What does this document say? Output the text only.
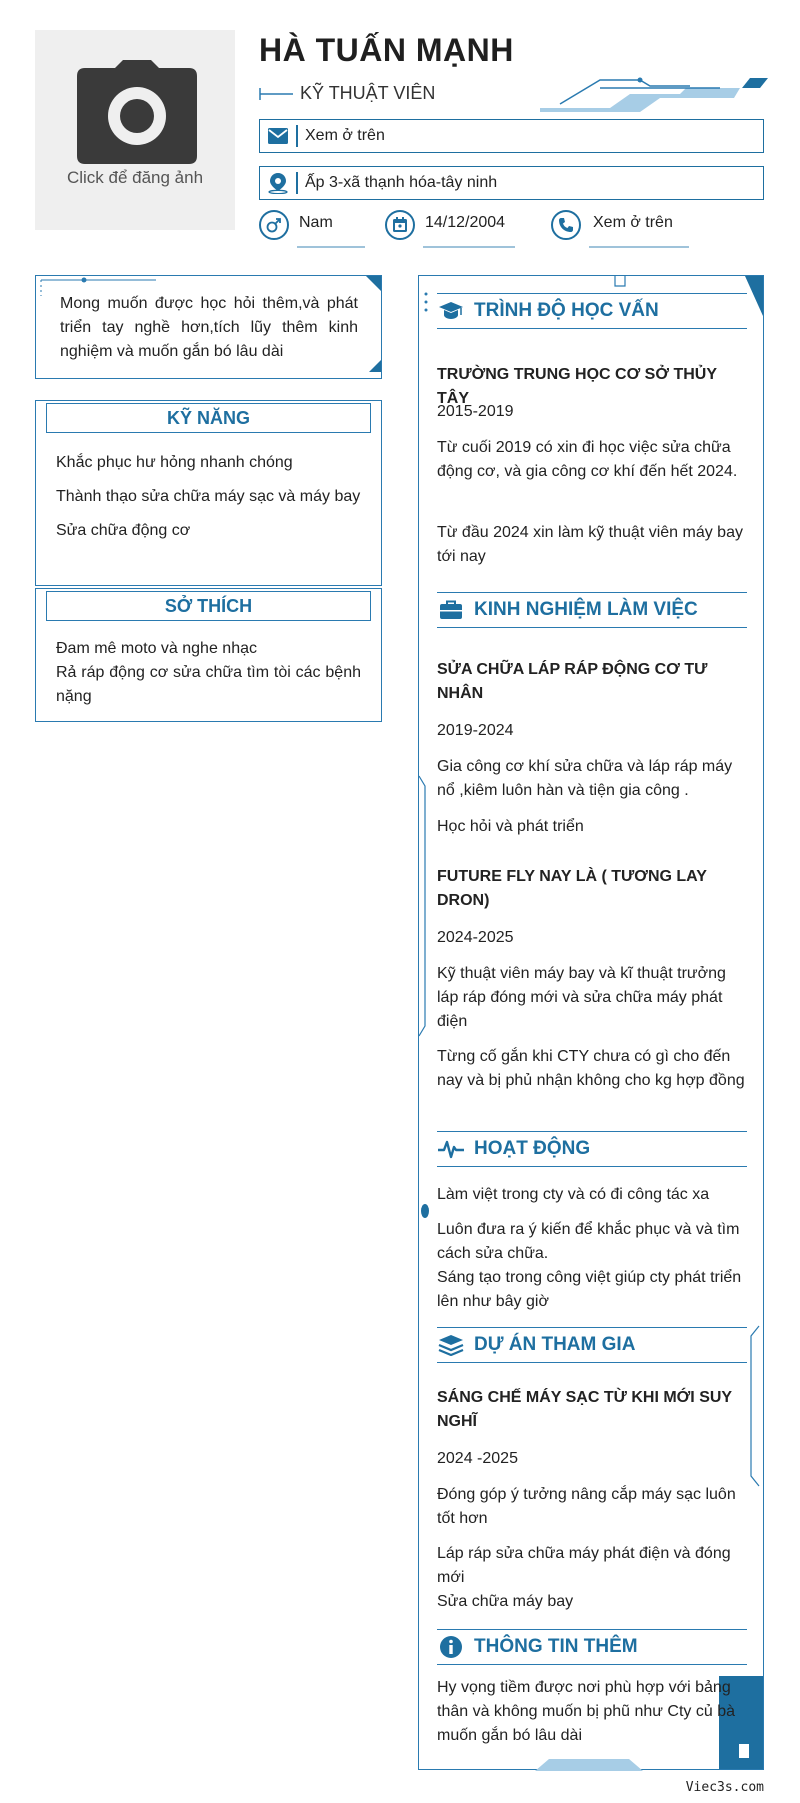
Click để đăng ảnh
HÀ TUẤN MẠNH
KỸ THUẬT VIÊN
Xem ở trên
Ấp 3-xã thạnh hóa-tây ninh
Nam	14/12/2004	Xem ở trên
Mong muốn được học hỏi thêm,và phát triển tay nghề hơn,tích lũy thêm kinh nghiệm và muốn gắn bó lâu dài
KỸ NĂNG
Khắc phục hư hỏng nhanh chóng
Thành thạo sửa chữa máy sạc và máy bay
Sửa chữa động cơ
SỞ THÍCH
Đam mê moto và nghe nhạc
Rả ráp động cơ sửa chữa tìm tòi các bệnh nặng
TRÌNH ĐỘ HỌC VẤN
TRƯỜNG TRUNG HỌC CƠ SỞ THỦY TÂY
2015-2019
Từ cuối 2019 có xin đi học việc sửa chữa động cơ, và gia công cơ khí đến hết 2024.
Từ đầu 2024 xin làm kỹ thuật viên máy bay tới nay
KINH NGHIỆM LÀM VIỆC
SỬA CHỮA LÁP RÁP ĐỘNG CƠ TƯ NHÂN
2019-2024
Gia công cơ khí sửa chữa và láp ráp máy nổ ,kiêm luôn hàn và tiện gia công .
Học hỏi và phát triển
FUTURE FLY NAY LÀ ( TƯƠNG LAY DRON)
2024-2025
Kỹ thuật viên máy bay và kĩ thuật trưởng láp ráp đóng mới và sửa chữa máy phát điện
Từng cố gắn khi CTY chưa có gì cho đến nay và bị phủ nhận không cho kg hợp đồng
HOẠT ĐỘNG
Làm việt trong cty và có đi công tác xa
Luôn đưa ra ý kiến để khắc phục và và tìm cách sửa chữa.
Sáng tạo trong công việt giúp cty phát triển lên như bây giờ
DỰ ÁN THAM GIA
SÁNG CHẾ MÁY SẠC TỪ KHI MỚI SUY NGHĨ
2024 -2025
Đóng góp ý tưởng nâng cắp máy sạc luôn tốt hơn
Láp ráp sửa chữa máy phát điện và đóng mới
Sửa chữa máy bay
THÔNG TIN THÊM
Hy vọng tiềm được nơi phù hợp với bảng thân và không muốn bị phũ như Cty củ bà muốn gắn bó lâu dài
Viec3s.com
